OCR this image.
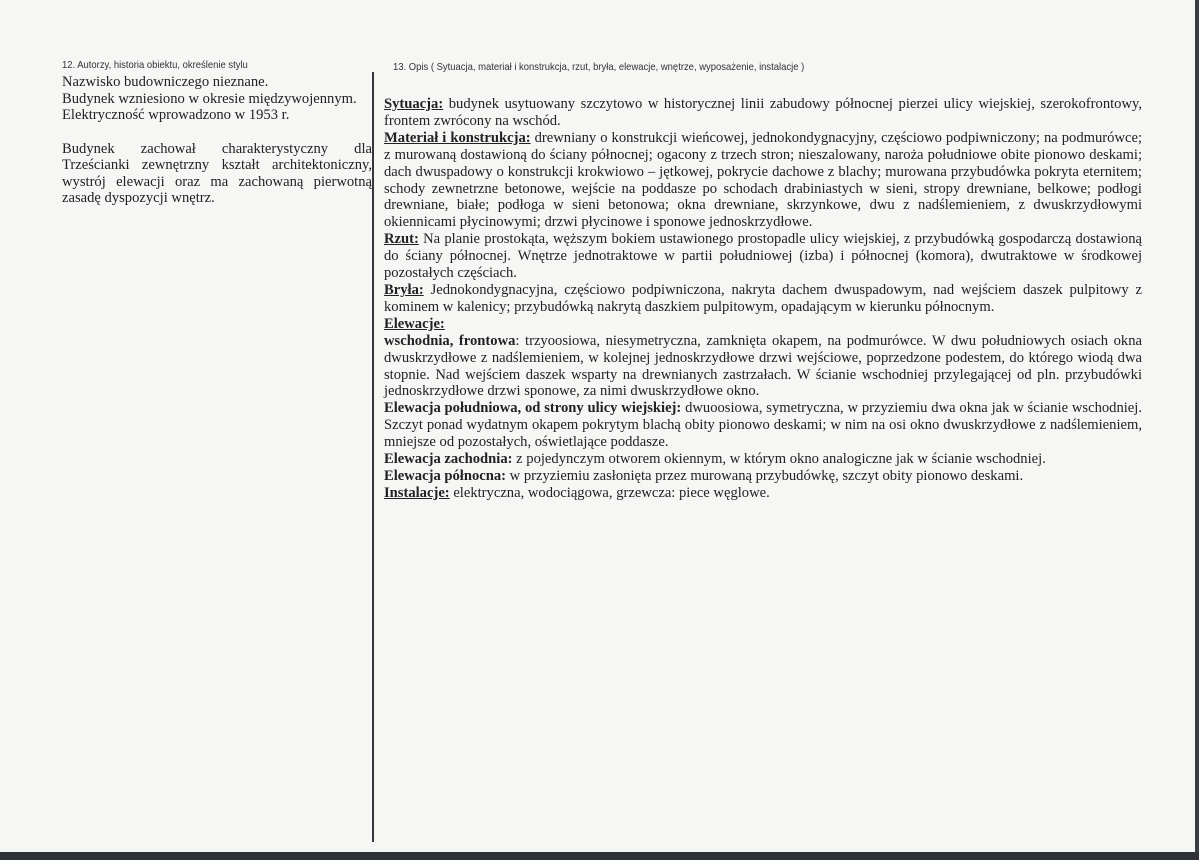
12. Autorzy, historia obiektu, określenie stylu

Nazwisko budowniczego nieznane.

Budynek wzniesiono w okresie międzywojennym.

Elektryczność wprowadzono w 1953 r.

Budynek zachował charakterystyczny dla Trześcianki zewnętrzny kształt architektoniczny, wystrój elewacji oraz ma zachowaną pierwotną zasadę dyspozycji wnętrz.

13. Opis ( Sytuacja, materiał i konstrukcja, rzut, bryła, elewacje, wnętrze, wyposażenie, instalacje )

Sytuacja: budynek usytuowany szczytowo w historycznej linii zabudowy północnej pierzei ulicy wiejskiej, szerokofrontowy, frontem zwrócony na wschód.

Materiał i konstrukcja: drewniany o konstrukcji wieńcowej, jednokondygnacyjny, częściowo podpiwniczony; na podmurówce; z murowaną dostawioną do ściany północnej; ogacony z trzech stron; nieszalowany, naroża południowe obite pionowo deskami; dach dwuspadowy o konstrukcji krokwiowo – jętkowej, pokrycie dachowe z blachy; murowana przybudówka pokryta eternitem; schody zewnetrzne betonowe, wejście na poddasze po schodach drabiniastych w sieni, stropy drewniane, belkowe; podłogi drewniane, białe; podłoga w sieni betonowa; okna drewniane, skrzynkowe, dwu z nadślemieniem, z dwuskrzydłowymi okiennicami płycinowymi; drzwi płycinowe i sponowe jednoskrzydłowe.

Rzut: Na planie prostokąta, węższym bokiem ustawionego prostopadle ulicy wiejskiej, z przybudówką gospodarczą dostawioną do ściany północnej. Wnętrze jednotraktowe w partii południowej (izba) i północnej (komora), dwutraktowe w środkowej pozostałych częściach.

Bryła: Jednokondygnacyjna, częściowo podpiwniczona, nakryta dachem dwuspadowym, nad wejściem daszek pulpitowy z kominem w kalenicy; przybudówką nakrytą daszkiem pulpitowym, opadającym w kierunku północnym.

Elewacje:

wschodnia, frontowa: trzyoosiowa, niesymetryczna, zamknięta okapem, na podmurówce. W dwu południowych osiach okna dwuskrzydłowe z nadślemieniem, w kolejnej jednoskrzydłowe drzwi wejściowe, poprzedzone podestem, do którego wiodą dwa stopnie. Nad wejściem daszek wsparty na drewnianych zastrzałach. W ścianie wschodniej przylegającej od pln. przybudówki jednoskrzydłowe drzwi sponowe, za nimi dwuskrzydłowe okno.

Elewacja południowa, od strony ulicy wiejskiej: dwuoosiowa, symetryczna, w przyziemiu dwa okna jak w ścianie wschodniej. Szczyt ponad wydatnym okapem pokrytym blachą obity pionowo deskami; w nim na osi okno dwuskrzydłowe z nadślemieniem, mniejsze od pozostałych, oświetlające poddasze.

Elewacja zachodnia: z pojedynczym otworem okiennym, w którym okno analogiczne jak w ścianie wschodniej.

Elewacja północna: w przyziemiu zasłonięta przez murowaną przybudówkę, szczyt obity pionowo deskami.

Instalacje: elektryczna, wodociągowa, grzewcza: piece węglowe.
